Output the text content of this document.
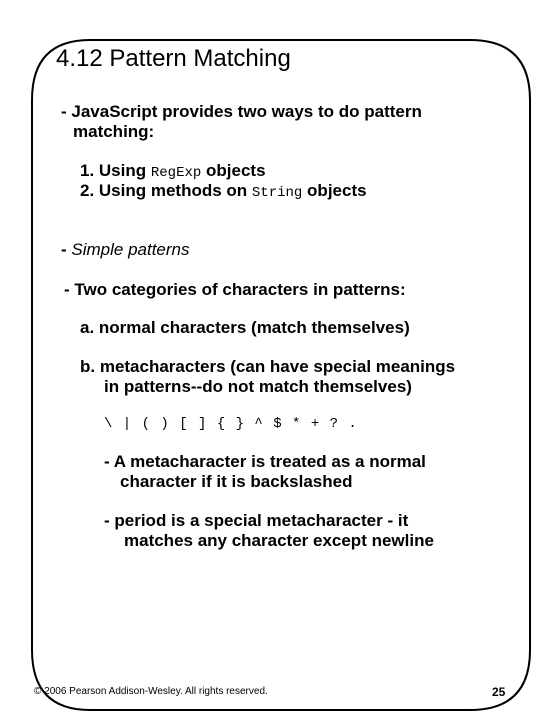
4.12 Pattern Matching
- JavaScript provides two ways to do pattern
matching:
1. Using RegExp objects
2. Using methods on String objects
- Simple patterns
- Two categories of characters in patterns:
a. normal characters (match themselves)
b. metacharacters (can have special meanings
in patterns--do not match themselves)
\ | ( ) [ ] { } ^ $ * + ? .
- A metacharacter is treated as a normal
character if it is backslashed
- period is a special metacharacter - it
matches any character except newline
© 2006 Pearson Addison-Wesley. All rights reserved.	25
